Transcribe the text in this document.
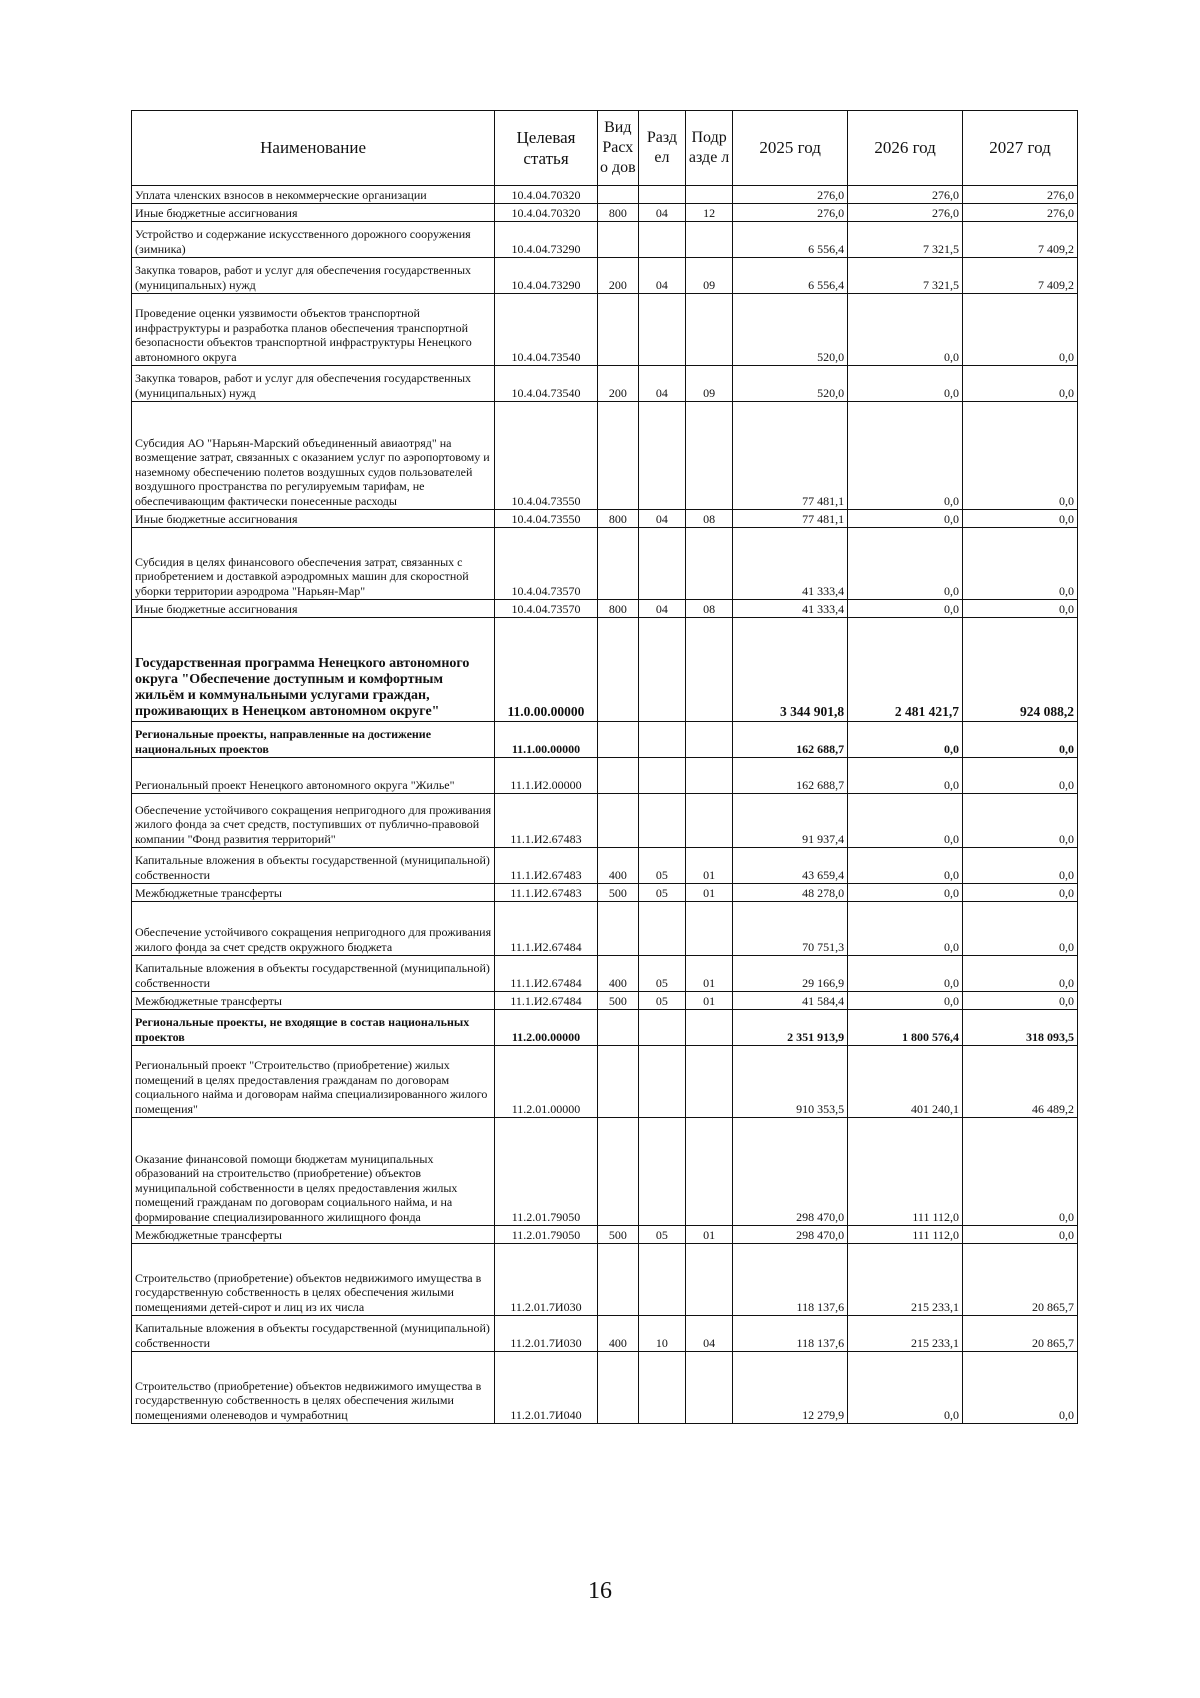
Наименование	Целевая статья	Вид Расхо дов	Разд ел	Подр азде л	2025 год	2026 год	2027 год
Уплата членских взносов в некоммерческие организации	10.4.04.70320				276,0	276,0	276,0
Иные бюджетные ассигнования	10.4.04.70320	800	04	12	276,0	276,0	276,0
Устройство и содержание искусственного дорожного сооружения (зимника)	10.4.04.73290				6 556,4	7 321,5	7 409,2
Закупка товаров, работ и услуг для обеспечения государственных (муниципальных) нужд	10.4.04.73290	200	04	09	6 556,4	7 321,5	7 409,2
Проведение оценки уязвимости объектов транспортной инфраструктуры и разработка планов обеспечения транспортной безопасности объектов транспортной инфраструктуры Ненецкого автономного округа	10.4.04.73540				520,0	0,0	0,0
Закупка товаров, работ и услуг для обеспечения государственных (муниципальных) нужд	10.4.04.73540	200	04	09	520,0	0,0	0,0
Субсидия АО "Нарьян-Марский объединенный авиаотряд" на возмещение затрат, связанных с оказанием услуг по аэропортовому и наземному обеспечению полетов воздушных судов пользователей воздушного пространства по регулируемым тарифам, не обеспечивающим фактически понесенные расходы	10.4.04.73550				77 481,1	0,0	0,0
Иные бюджетные ассигнования	10.4.04.73550	800	04	08	77 481,1	0,0	0,0
Субсидия в целях финансового обеспечения затрат, связанных с приобретением и доставкой аэродромных машин для скоростной уборки территории аэродрома "Нарьян-Мар"	10.4.04.73570				41 333,4	0,0	0,0
Иные бюджетные ассигнования	10.4.04.73570	800	04	08	41 333,4	0,0	0,0
Государственная программа Ненецкого автономного округа "Обеспечение доступным и комфортным жильём и коммунальными услугами граждан, проживающих в Ненецком автономном округе"	11.0.00.00000				3 344 901,8	2 481 421,7	924 088,2
Региональные проекты, направленные на достижение национальных проектов	11.1.00.00000				162 688,7	0,0	0,0
Региональный проект Ненецкого автономного округа "Жилье"	11.1.И2.00000				162 688,7	0,0	0,0
Обеспечение устойчивого сокращения непригодного для проживания жилого фонда за счет средств, поступивших от публично-правовой компании "Фонд развития территорий"	11.1.И2.67483				91 937,4	0,0	0,0
Капитальные вложения в объекты государственной (муниципальной) собственности	11.1.И2.67483	400	05	01	43 659,4	0,0	0,0
Межбюджетные трансферты	11.1.И2.67483	500	05	01	48 278,0	0,0	0,0
Обеспечение устойчивого сокращения непригодного для проживания жилого фонда за счет средств окружного бюджета	11.1.И2.67484				70 751,3	0,0	0,0
Капитальные вложения в объекты государственной (муниципальной) собственности	11.1.И2.67484	400	05	01	29 166,9	0,0	0,0
Межбюджетные трансферты	11.1.И2.67484	500	05	01	41 584,4	0,0	0,0
Региональные проекты, не входящие в состав национальных проектов	11.2.00.00000				2 351 913,9	1 800 576,4	318 093,5
Региональный проект "Строительство (приобретение) жилых помещений в целях предоставления гражданам по договорам социального найма и договорам найма специализированного жилого помещения"	11.2.01.00000				910 353,5	401 240,1	46 489,2
Оказание финансовой помощи бюджетам муниципальных образований на строительство (приобретение) объектов муниципальной собственности в целях предоставления жилых помещений гражданам по договорам социального найма, и на формирование специализированного жилищного фонда	11.2.01.79050				298 470,0	111 112,0	0,0
Межбюджетные трансферты	11.2.01.79050	500	05	01	298 470,0	111 112,0	0,0
Строительство (приобретение) объектов недвижимого имущества в государственную собственность в целях обеспечения жилыми помещениями детей-сирот и лиц из их числа	11.2.01.7И030				118 137,6	215 233,1	20 865,7
Капитальные вложения в объекты государственной (муниципальной) собственности	11.2.01.7И030	400	10	04	118 137,6	215 233,1	20 865,7
Строительство (приобретение) объектов недвижимого имущества в государственную собственность в целях обеспечения жилыми помещениями оленеводов и чумработниц	11.2.01.7И040				12 279,9	0,0	0,0
16
